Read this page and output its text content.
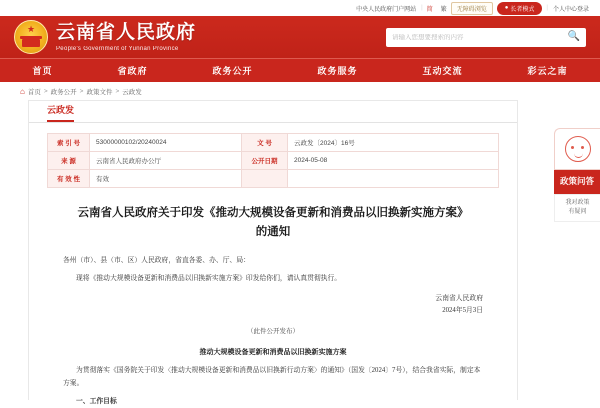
★ 云南省人民政府
People's Government of Yunnan Province
请输入您想要搜索的内容
🔍
中央人民政府门户网站 | 简	繁	无障碍浏览	● 长者模式 | 个人中心登录
首页	省政府	政务公开	政务服务	互动交流	彩云之南
⌂ 首页 > 政务公开 > 政策文件 > 云政发
云政发
索 引 号	53000000102/20240024	文 号	云政发〔2024〕16号
来 源	云南省人民政府办公厅	公开日期	2024-05-08
有 效 性	有效
云南省人民政府关于印发《推动大规模设备更新和消费品以旧换新实施方案》的通知

各州（市）、县（市、区）人民政府，省直各委、办、厅、局：

现将《推动大规模设备更新和消费品以旧换新实施方案》印发给你们，请认真贯彻执行。

云南省人民政府
2024年5月3日
（此件公开发布）
推动大规模设备更新和消费品以旧换新实施方案

为贯彻落实《国务院关于印发〈推动大规模设备更新和消费品以旧换新行动方案〉的通知》（国发〔2024〕7号），结合我省实际，制定本方案。

一、工作目标

政策问答
我对政策
有疑问
